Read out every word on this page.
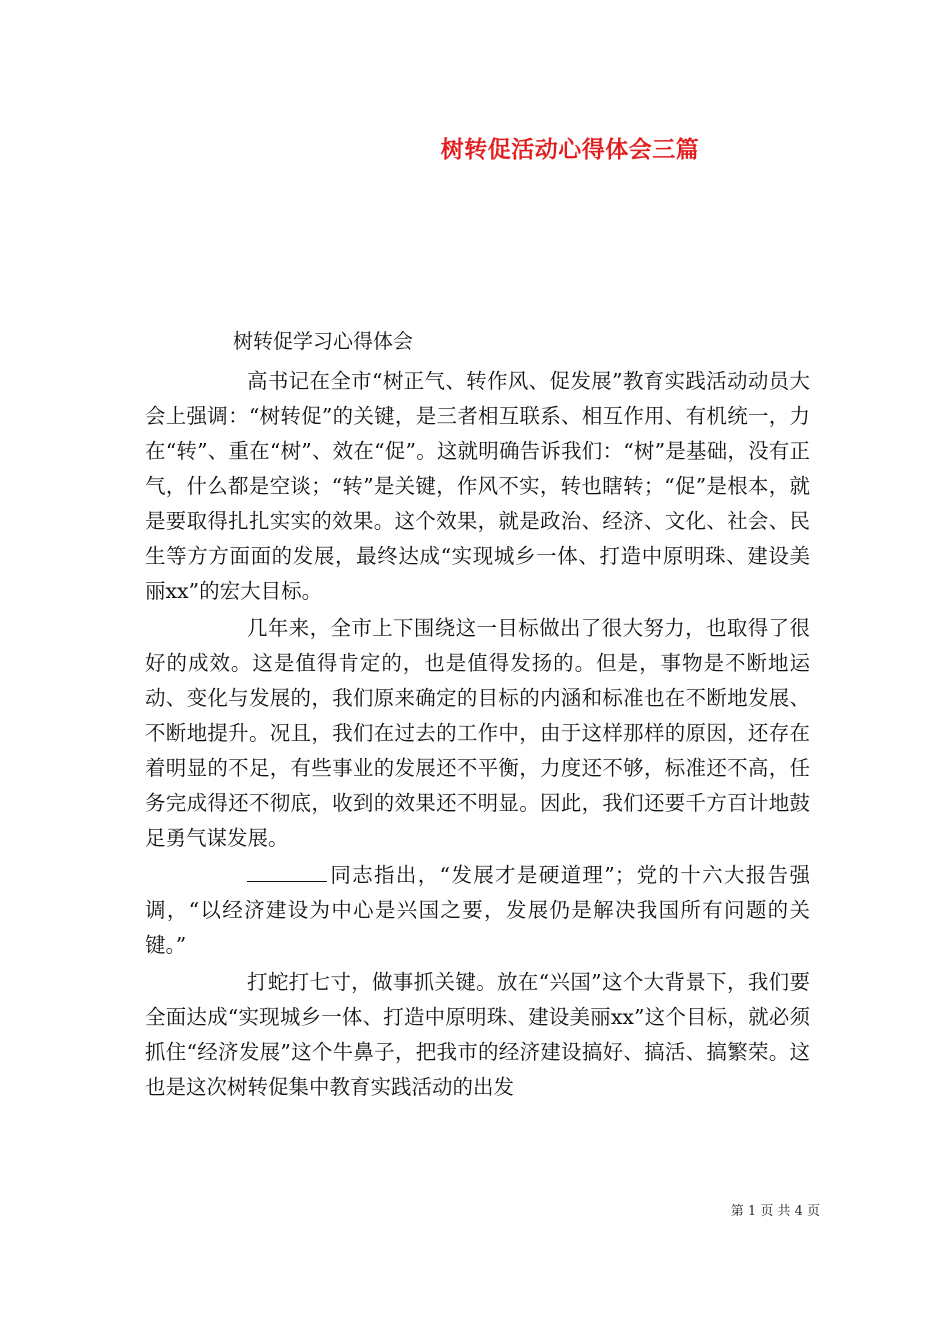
树转促活动心得体会三篇
树转促学习心得体会

高书记在全市“树正气、转作风、促发展”教育实践活动动员大会上强调：“树转促”的关键，是三者相互联系、相互作用、有机统一，力在“转”、重在“树”、效在“促”。这就明确告诉我们：“树”是基础，没有正气，什么都是空谈；“转”是关键，作风不实，转也瞎转；“促”是根本，就是要取得扎扎实实的效果。这个效果，就是政治、经济、文化、社会、民生等方方面面的发展，最终达成“实现城乡一体、打造中原明珠、建设美丽xx”的宏大目标。

几年来，全市上下围绕这一目标做出了很大努力，也取得了很好的成效。这是值得肯定的，也是值得发扬的。但是，事物是不断地运动、变化与发展的，我们原来确定的目标的内涵和标准也在不断地发展、不断地提升。况且，我们在过去的工作中，由于这样那样的原因，还存在着明显的不足，有些事业的发展还不平衡，力度还不够，标准还不高，任务完成得还不彻底，收到的效果还不明显。因此，我们还要千方百计地鼓足勇气谋发展。

同志指出，“发展才是硬道理”；党的十六大报告强调，“以经济建设为中心是兴国之要，发展仍是解决我国所有问题的关键。”

打蛇打七寸，做事抓关键。放在“兴国”这个大背景下，我们要全面达成“实现城乡一体、打造中原明珠、建设美丽xx”这个目标，就必须抓住“经济发展”这个牛鼻子，把我市的经济建设搞好、搞活、搞繁荣。这也是这次树转促集中教育实践活动的出发

第 1 页 共 4 页
